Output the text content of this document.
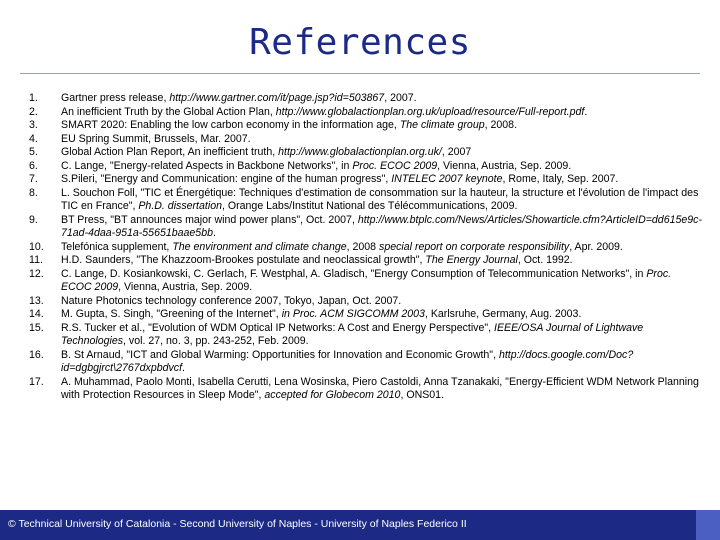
References
1.	Gartner press release, http://www.gartner.com/it/page.jsp?id=503867, 2007.
2.	An inefficient Truth by the Global Action Plan, http://www.globalactionplan.org.uk/upload/resource/Full-report.pdf.
3.	SMART 2020: Enabling the low carbon economy in the information age, The climate group, 2008.
4.	EU Spring Summit, Brussels, Mar. 2007.
5.	Global Action Plan Report, An inefficient truth, http://www.globalactionplan.org.uk/, 2007
6.	C. Lange, "Energy-related Aspects in Backbone Networks", in Proc. ECOC 2009, Vienna, Austria, Sep. 2009.
7.	S.Pileri, "Energy and Communication: engine of the human progress", INTELEC 2007 keynote, Rome, Italy, Sep. 2007.
8.	L. Souchon Foll, "TIC et Énergétique: Techniques d'estimation de consommation sur la hauteur, la structure et l'évolution de l'impact des TIC en France", Ph.D. dissertation, Orange Labs/Institut National des Télécommunications, 2009.
9.	BT Press, "BT announces major wind power plans", Oct. 2007, http://www.btplc.com/News/Articles/Showarticle.cfm?ArticleID=dd615e9c-71ad-4daa-951a-55651baae5bb.
10.	Telefónica supplement, The environment and climate change, 2008 special report on corporate responsibility, Apr. 2009.
11.	H.D. Saunders, "The Khazzoom-Brookes postulate and neoclassical growth", The Energy Journal, Oct. 1992.
12.	C. Lange, D. Kosiankowski, C. Gerlach, F. Westphal, A. Gladisch, "Energy Consumption of Telecommunication Networks", in Proc. ECOC 2009, Vienna, Austria, Sep. 2009.
13.	Nature Photonics technology conference 2007, Tokyo, Japan, Oct. 2007.
14.	M. Gupta, S. Singh, "Greening of the Internet", in Proc. ACM SIGCOMM 2003, Karlsruhe, Germany, Aug. 2003.
15.	R.S. Tucker et al., "Evolution of WDM Optical IP Networks: A Cost and Energy Perspective", IEEE/OSA Journal of Lightwave Technologies, vol. 27, no. 3, pp. 243-252, Feb. 2009.
16.	B. St Arnaud, "ICT and Global Warming: Opportunities for Innovation and Economic Growth", http://docs.google.com/Doc?id=dgbgjrct\2767dxpbdvcf.
17.	A. Muhammad, Paolo Monti, Isabella Cerutti, Lena Wosinska, Piero Castoldi, Anna Tzanakaki, "Energy-Efficient WDM Network Planning with Protection Resources in Sleep Mode", accepted for Globecom 2010, ONS01.
© Technical University of Catalonia - Second University of Naples - University of Naples Federico II
